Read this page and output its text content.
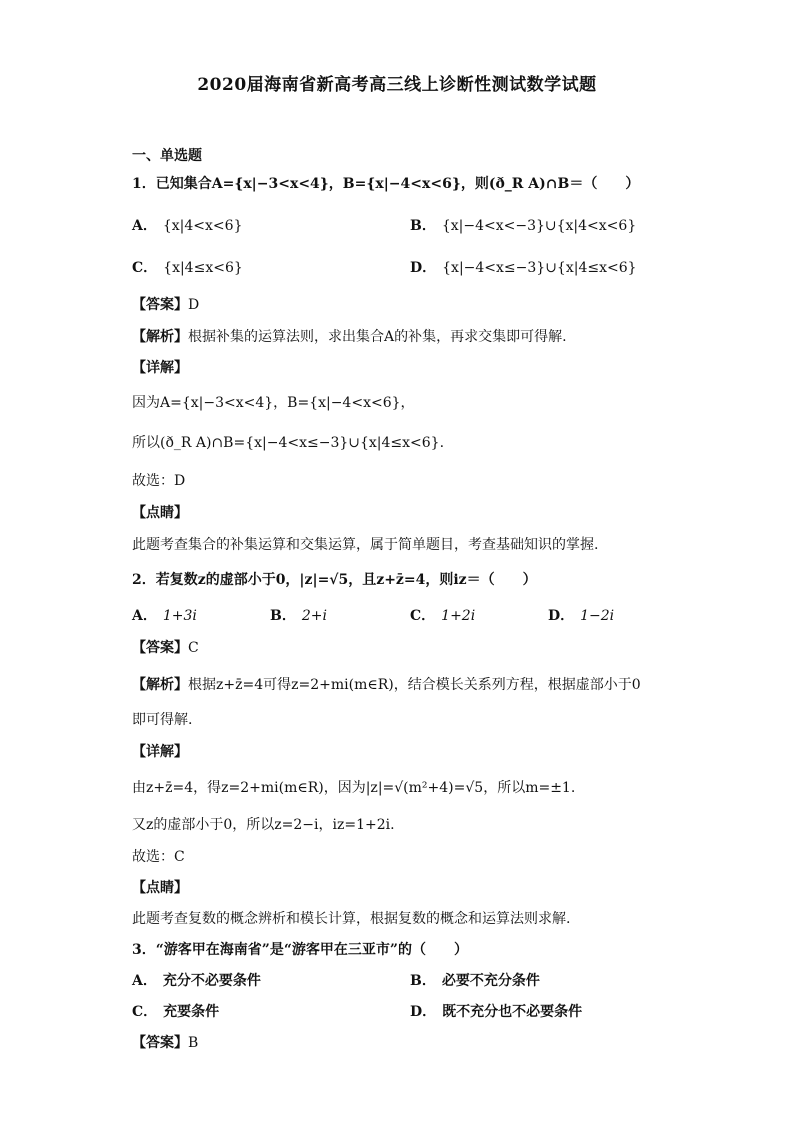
2020届海南省新高考高三线上诊断性测试数学试题
一、单选题
1．已知集合A={x|−3<x<4}，B={x|−4<x<6}，则(ð_R A)∩B＝（　　）
A． {x|4<x<6}	B． {x|−4<x<−3}∪{x|4<x<6}
C． {x|4≤x<6}	D． {x|−4<x≤−3}∪{x|4≤x<6}
【答案】D
【解析】根据补集的运算法则，求出集合A的补集，再求交集即可得解.
【详解】
因为A={x|−3<x<4}，B={x|−4<x<6}，
所以(ð_R A)∩B={x|−4<x≤−3}∪{x|4≤x<6}.
故选：D
【点睛】
此题考查集合的补集运算和交集运算，属于简单题目，考查基础知识的掌握.
2．若复数z的虚部小于0，|z|=√5，且z+z̄=4，则iz＝（　　）
A． 1+3i	B． 2+i	C． 1+2i	D． 1−2i
【答案】C
【解析】根据z+z̄=4可得z=2+mi(m∈R)，结合模长关系列方程，根据虚部小于0
即可得解.
【详解】
由z+z̄=4，得z=2+mi(m∈R)，因为|z|=√(m²+4)=√5，所以m=±1.
又z的虚部小于0，所以z=2−i，iz=1+2i.
故选：C
【点睛】
此题考查复数的概念辨析和模长计算，根据复数的概念和运算法则求解.
3．“游客甲在海南省”是“游客甲在三亚市”的（　　）
A． 充分不必要条件	B． 必要不充分条件
C． 充要条件	D． 既不充分也不必要条件
【答案】B
